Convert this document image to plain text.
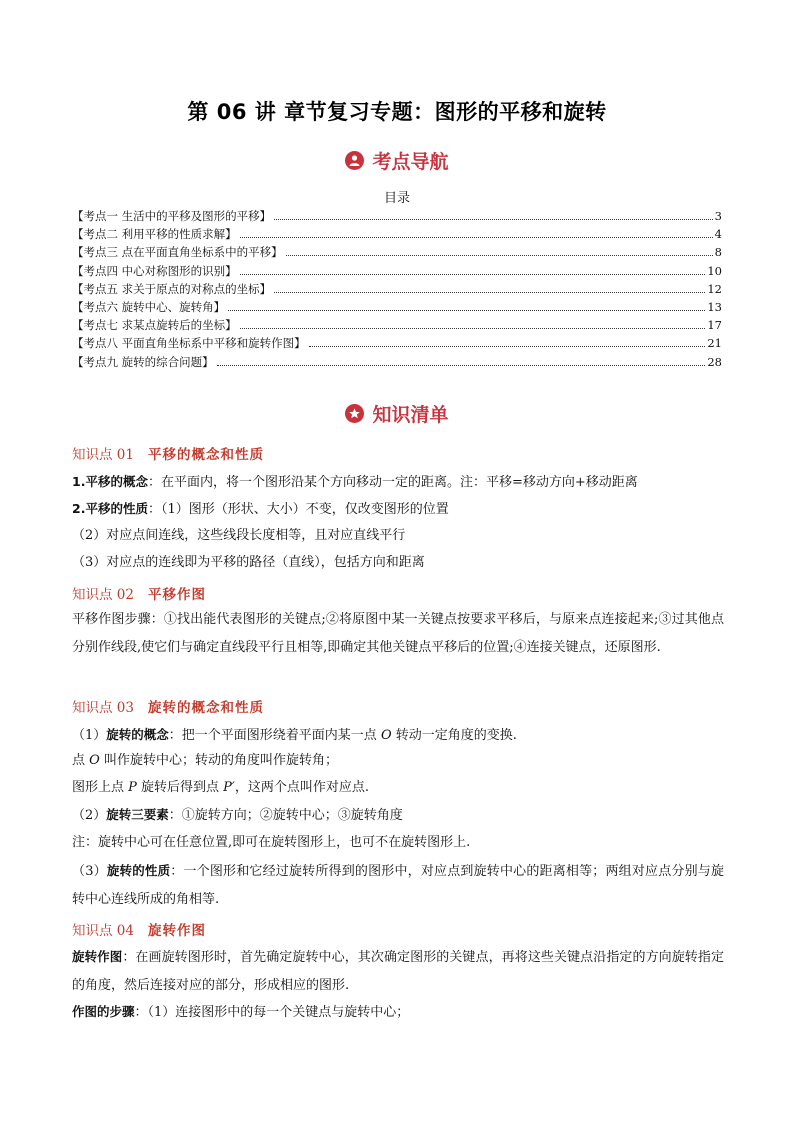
第 06 讲 章节复习专题：图形的平移和旋转
考点导航
目录
【考点一 生活中的平移及图形的平移】	3
【考点二 利用平移的性质求解】	4
【考点三 点在平面直角坐标系中的平移】	8
【考点四 中心对称图形的识别】	10
【考点五 求关于原点的对称点的坐标】	12
【考点六 旋转中心、旋转角】	13
【考点七 求某点旋转后的坐标】	17
【考点八 平面直角坐标系中平移和旋转作图】	21
【考点九 旋转的综合问题】	28
知识清单
知识点 01 平移的概念和性质
1.平移的概念：在平面内，将一个图形沿某个方向移动一定的距离。注：平移=移动方向+移动距离
2.平移的性质：（1）图形（形状、大小）不变，仅改变图形的位置
（2）对应点间连线，这些线段长度相等，且对应直线平行
（3）对应点的连线即为平移的路径（直线），包括方向和距离
知识点 02 平移作图
平移作图步骤：①找出能代表图形的关键点;②将原图中某一关键点按要求平移后，与原来点连接起来;③过其他点分别作线段,使它们与确定直线段平行且相等,即确定其他关键点平移后的位置;④连接关键点，还原图形.
知识点 03 旋转的概念和性质
（1）旋转的概念：把一个平面图形绕着平面内某一点 O 转动一定角度的变换.
点 O 叫作旋转中心；转动的角度叫作旋转角；
图形上点 P 旋转后得到点 P′，这两个点叫作对应点.
（2）旋转三要素：①旋转方向；②旋转中心；③旋转角度
注：旋转中心可在任意位置,即可在旋转图形上，也可不在旋转图形上.
（3）旋转的性质：一个图形和它经过旋转所得到的图形中，对应点到旋转中心的距离相等；两组对应点分别与旋转中心连线所成的角相等.
知识点 04 旋转作图
旋转作图：在画旋转图形时，首先确定旋转中心，其次确定图形的关键点，再将这些关键点沿指定的方向旋转指定的角度，然后连接对应的部分，形成相应的图形.
作图的步骤：（1）连接图形中的每一个关键点与旋转中心；
